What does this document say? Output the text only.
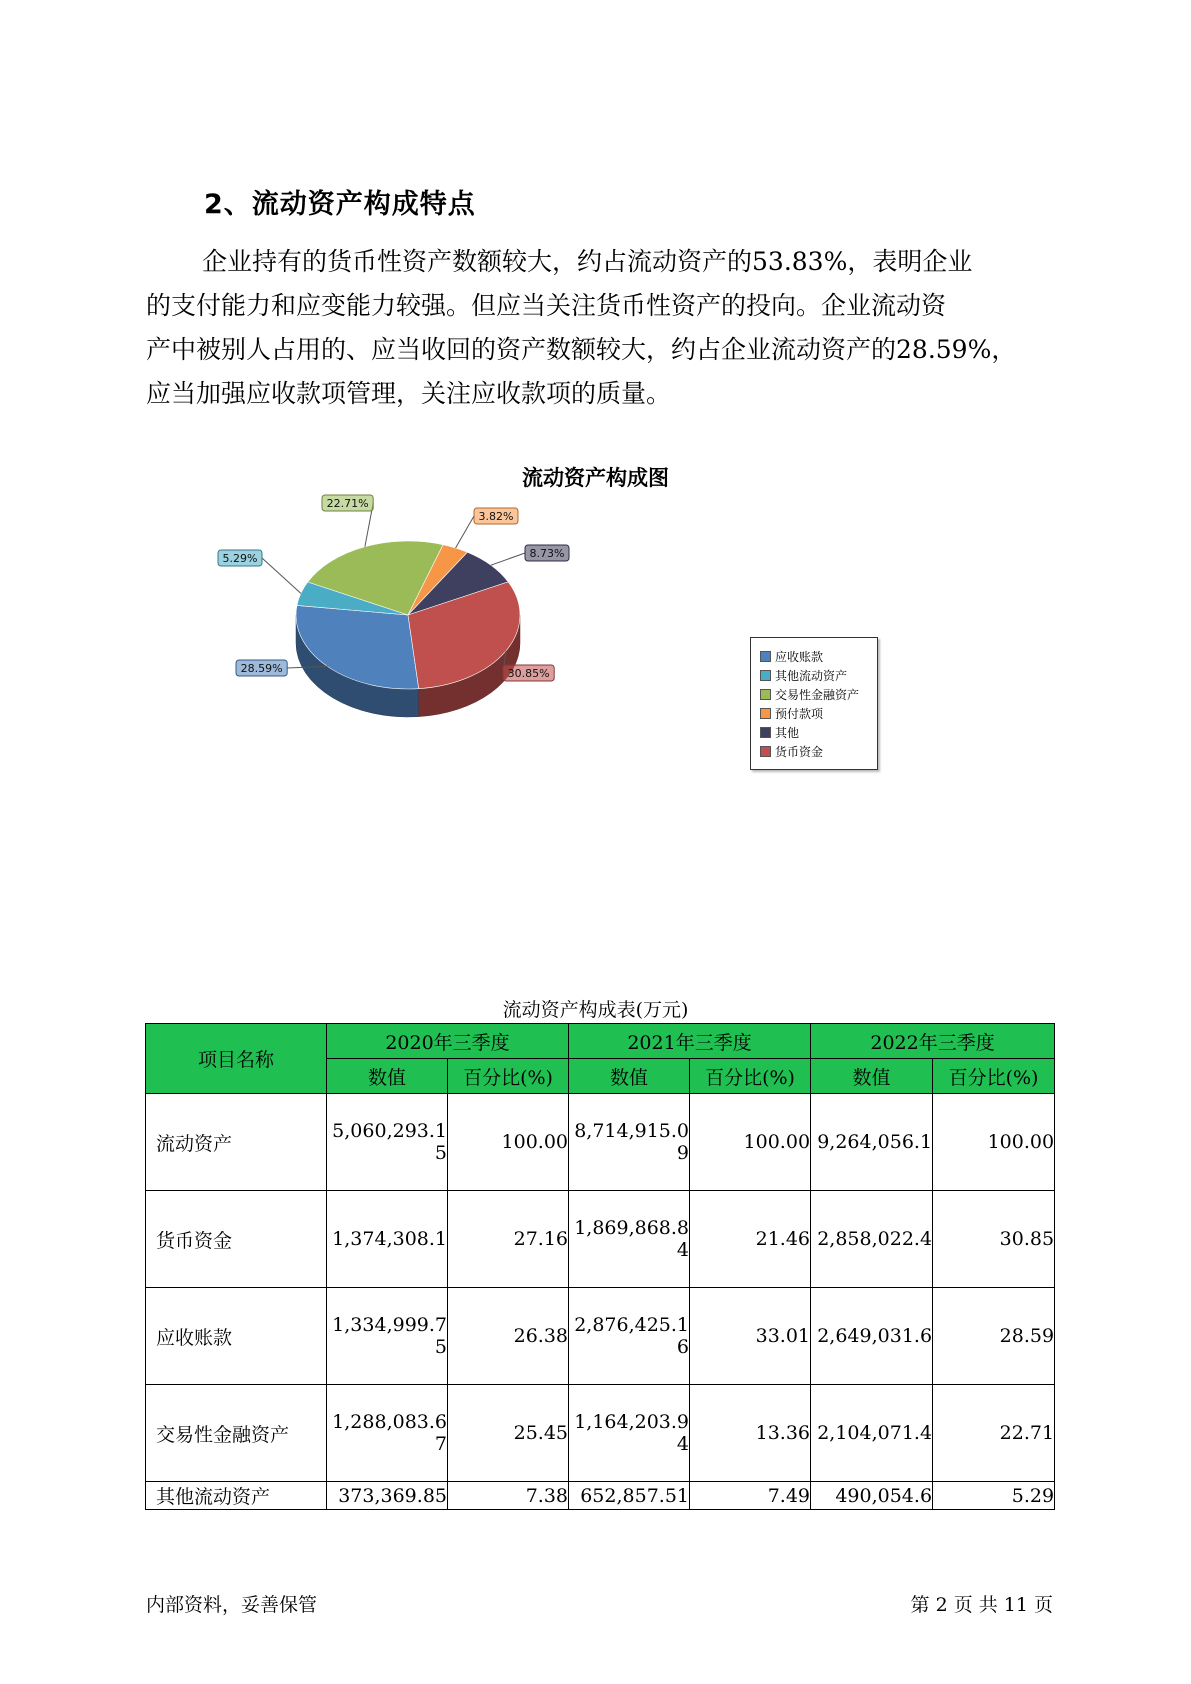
2、流动资产构成特点
企业持有的货币性资产数额较大，约占流动资产的53.83%，表明企业
的支付能力和应变能力较强。但应当关注货币性资产的投向。企业流动资
产中被别人占用的、应当收回的资产数额较大，约占企业流动资产的28.59%，
应当加强应收款项管理，关注应收款项的质量。
流动资产构成图
28.59%
5.29%
22.71%
3.82%
8.73%
30.85%
应收账款
其他流动资产
交易性金融资产
预付款项
其他
货币资金
流动资产构成表(万元)
项目名称	2020年三季度		2021年三季度		2022年三季度	
	数值	百分比(%)	数值	百分比(%)	数值	百分比(%)
流动资产	5,060,293.15	100.00	8,714,915.09	100.00	9,264,056.1	100.00
货币资金	1,374,308.1	27.16	1,869,868.84	21.46	2,858,022.4	30.85
应收账款	1,334,999.75	26.38	2,876,425.16	33.01	2,649,031.6	28.59
交易性金融资产	1,288,083.67	25.45	1,164,203.94	13.36	2,104,071.4	22.71
其他流动资产	373,369.85	7.38	652,857.51	7.49	490,054.6	5.29
内部资料，妥善保管	第 2 页 共 11 页
